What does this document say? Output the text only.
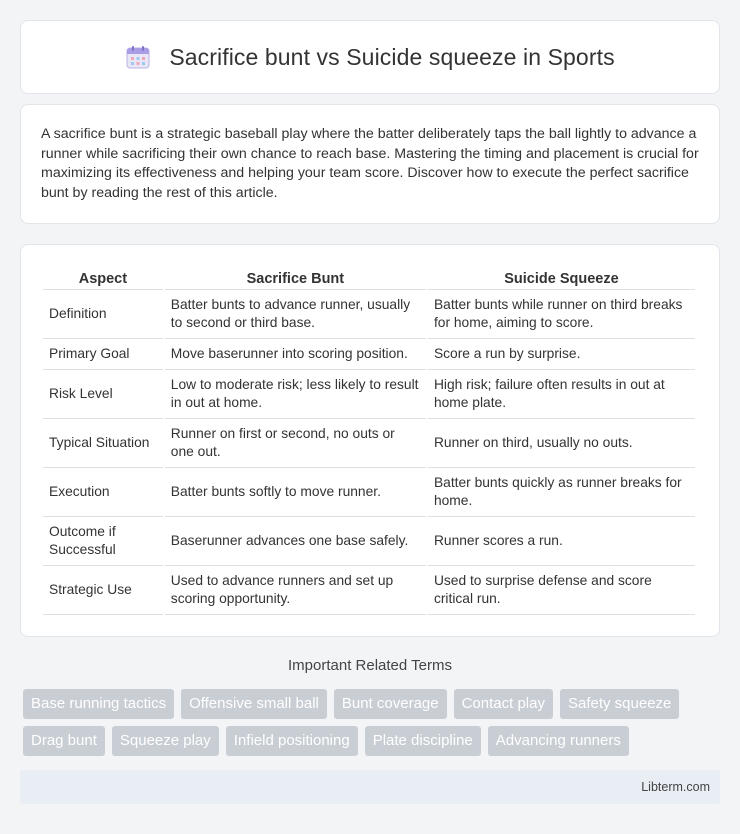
Sacrifice bunt vs Suicide squeeze in Sports

A sacrifice bunt is a strategic baseball play where the batter deliberately taps the ball lightly to advance a runner while sacrificing their own chance to reach base. Mastering the timing and placement is crucial for maximizing its effectiveness and helping your team score. Discover how to execute the perfect sacrifice bunt by reading the rest of this article.

Aspect	Sacrifice Bunt	Suicide Squeeze
Definition	Batter bunts to advance runner, usually to second or third base.	Batter bunts while runner on third breaks for home, aiming to score.
Primary Goal	Move baserunner into scoring position.	Score a run by surprise.
Risk Level	Low to moderate risk; less likely to result in out at home.	High risk; failure often results in out at home plate.
Typical Situation	Runner on first or second, no outs or one out.	Runner on third, usually no outs.
Execution	Batter bunts softly to move runner.	Batter bunts quickly as runner breaks for home.
Outcome if Successful	Baserunner advances one base safely.	Runner scores a run.
Strategic Use	Used to advance runners and set up scoring opportunity.	Used to surprise defense and score critical run.
Important Related Terms
Base running tactics	Offensive small ball	Bunt coverage	Contact play	Safety squeeze
Drag bunt	Squeeze play	Infield positioning	Plate discipline	Advancing runners
Libterm.com
